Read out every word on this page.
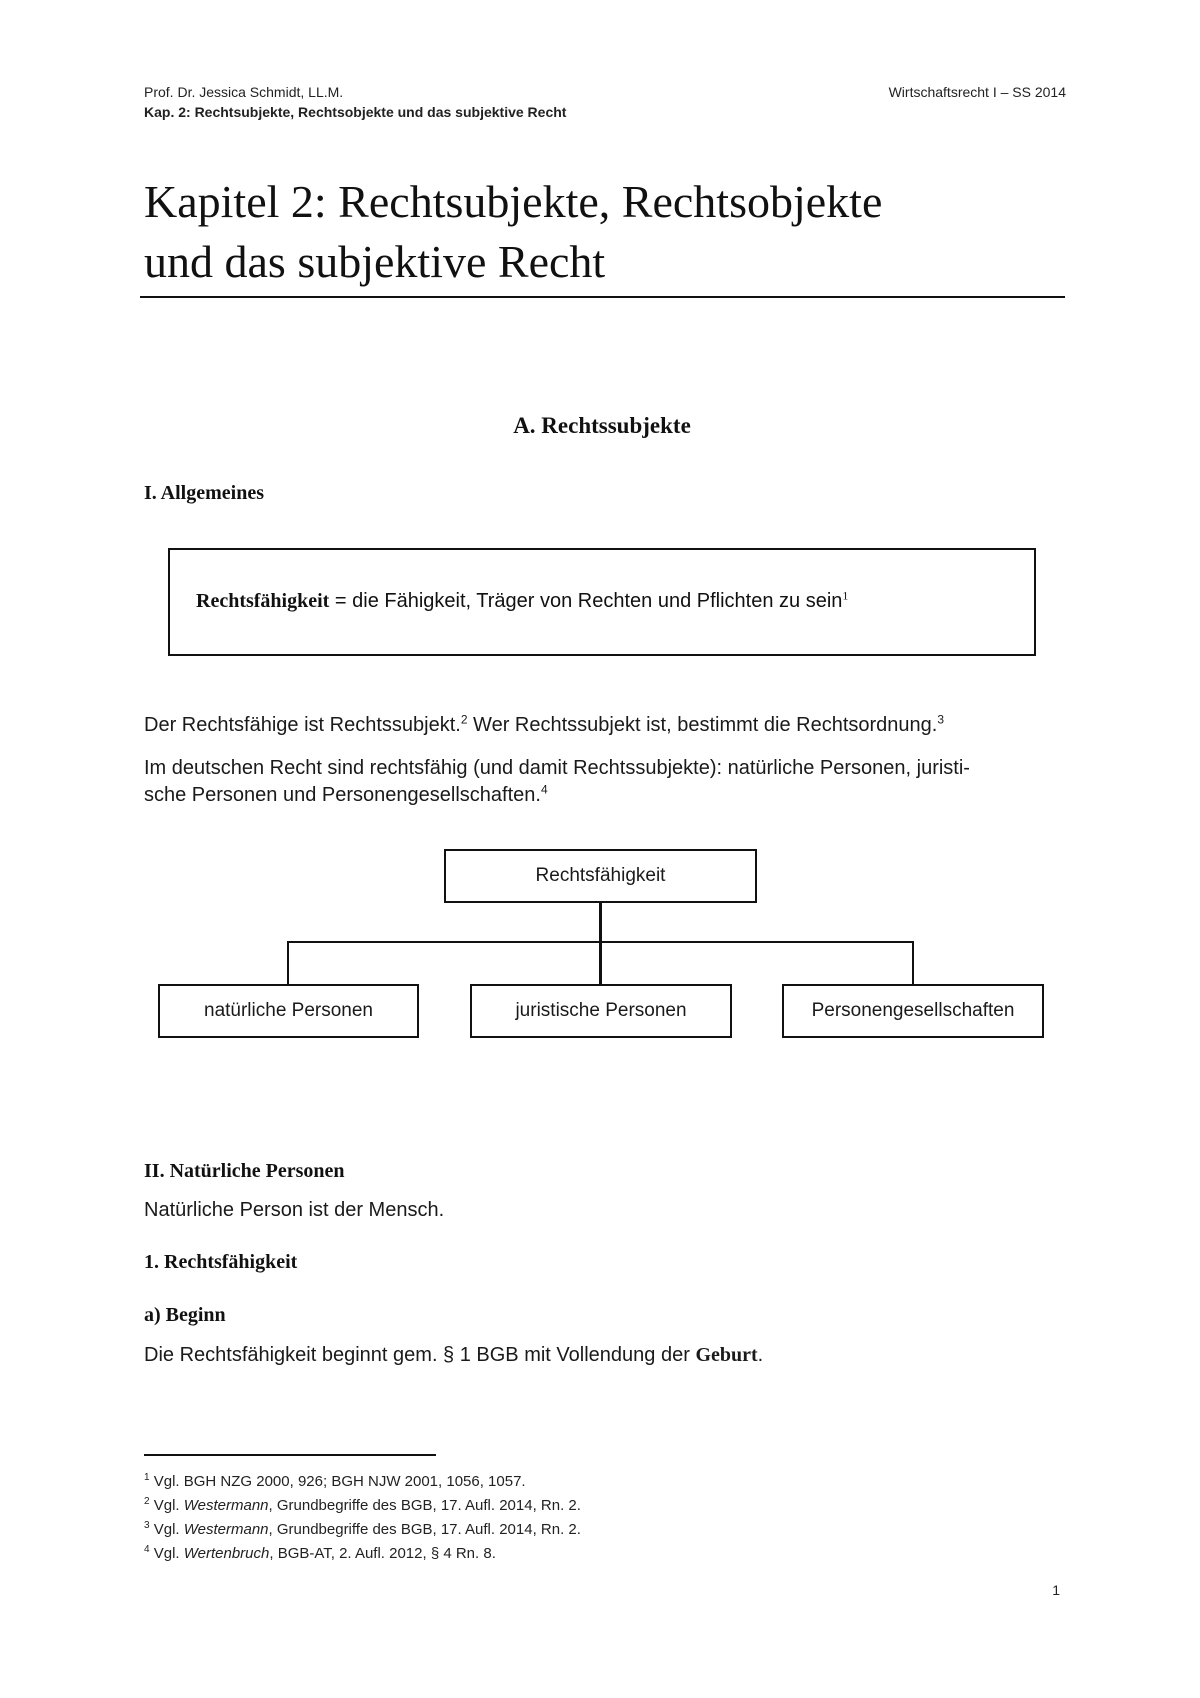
Prof. Dr. Jessica Schmidt, LL.M.	Wirtschaftsrecht I – SS 2014
Kap. 2: Rechtsubjekte, Rechtsobjekte und das subjektive Recht
Kapitel 2: Rechtsubjekte, Rechtsobjekte
und das subjektive Recht
A. Rechtssubjekte
I. Allgemeines
Rechtsfähigkeit = die Fähigkeit, Träger von Rechten und Pflichten zu sein$^1$
Der Rechtsfähige ist Rechtssubjekt.$^2$ Wer Rechtssubjekt ist, bestimmt die Rechtsordnung.$^3$
Im deutschen Recht sind rechtsfähig (und damit Rechtssubjekte): natürliche Personen, juristi-
sche Personen und Personengesellschaften.$^4$
Rechtsfähigkeit
natürliche Personen	juristische Personen	Personengesellschaften
II. Natürliche Personen
Natürliche Person ist der Mensch.
1. Rechtsfähigkeit
a) Beginn
Die Rechtsfähigkeit beginnt gem. § 1 BGB mit Vollendung der Geburt.
$^1$ Vgl. BGH NZG 2000, 926; BGH NJW 2001, 1056, 1057.
$^2$ Vgl. Westermann, Grundbegriffe des BGB, 17. Aufl. 2014, Rn. 2.
$^3$ Vgl. Westermann, Grundbegriffe des BGB, 17. Aufl. 2014, Rn. 2.
$^4$ Vgl. Wertenbruch, BGB-AT, 2. Aufl. 2012, § 4 Rn. 8.
1
